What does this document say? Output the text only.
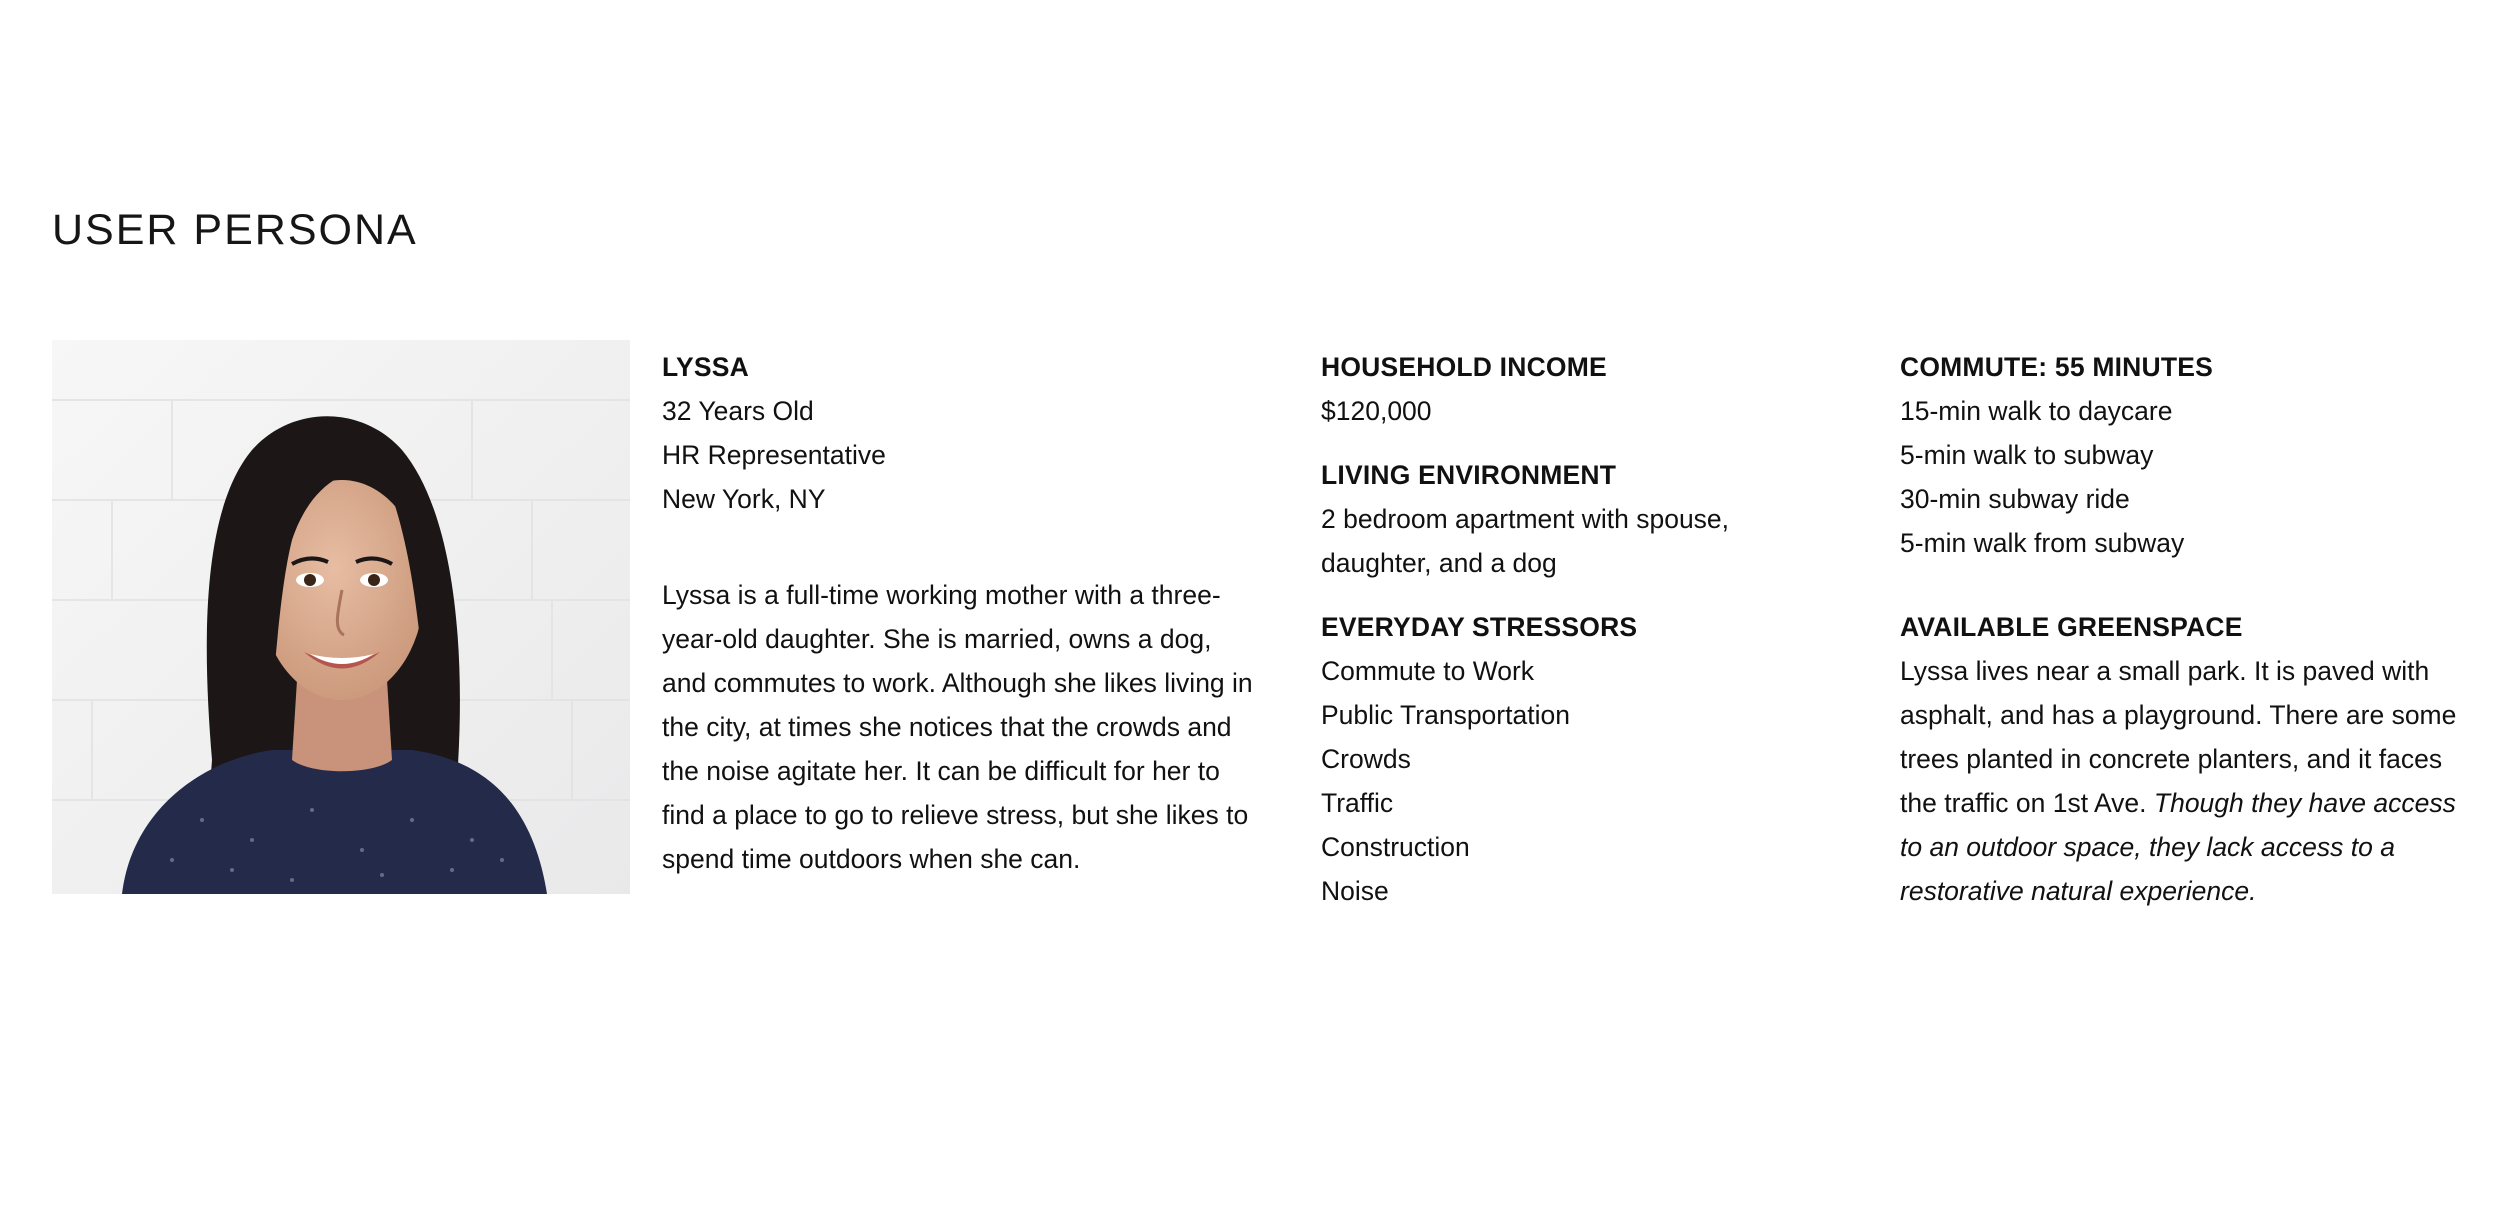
USER PERSONA
LYSSA
32 Years Old
HR Representative
New York, NY
Lyssa is a full-time working mother with a three-year-old daughter. She is married, owns a dog, and commutes to work. Although she likes living in the city, at times she notices that the crowds and the noise agitate her. It can be difficult for her to find a place to go to relieve stress, but she likes to spend time outdoors when she can.
HOUSEHOLD INCOME
$120,000
LIVING ENVIRONMENT
2 bedroom apartment with spouse, daughter, and a dog
EVERYDAY STRESSORS
Commute to Work
Public Transportation
Crowds
Traffic
Construction
Noise
COMMUTE: 55 MINUTES
15-min walk to daycare
5-min walk to subway
30-min subway ride
5-min walk from subway
AVAILABLE GREENSPACE
Lyssa lives near a small park. It is paved with asphalt, and has a playground. There are some trees planted in concrete planters, and it faces the traffic on 1st Ave. Though they have access to an outdoor space, they lack access to a restorative natural experience.
